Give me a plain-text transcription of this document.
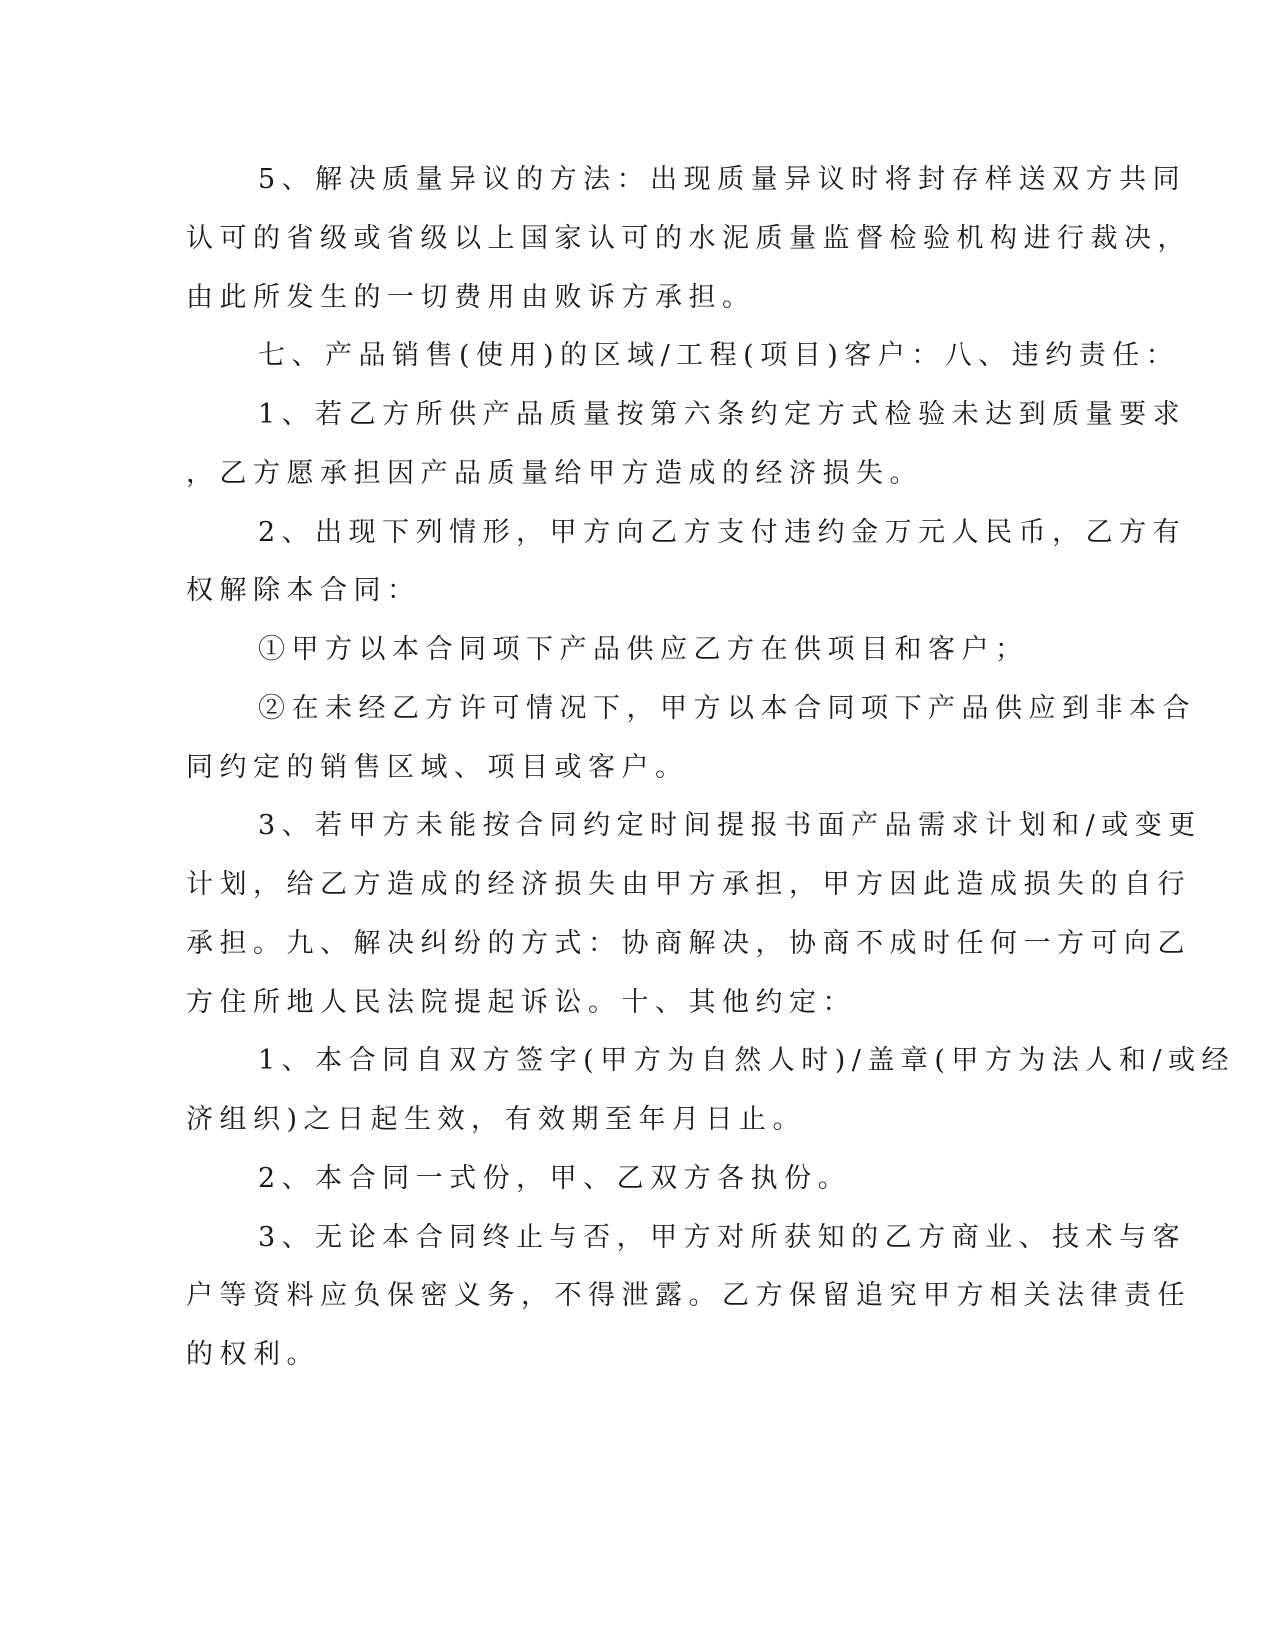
5、解决质量异议的方法：出现质量异议时将封存样送双方共同
认可的省级或省级以上国家认可的水泥质量监督检验机构进行裁决，
由此所发生的一切费用由败诉方承担。
七、产品销售(使用)的区域/工程(项目)客户：八、违约责任：
1、若乙方所供产品质量按第六条约定方式检验未达到质量要求
，乙方愿承担因产品质量给甲方造成的经济损失。
2、出现下列情形，甲方向乙方支付违约金万元人民币，乙方有
权解除本合同：
①甲方以本合同项下产品供应乙方在供项目和客户；
②在未经乙方许可情况下，甲方以本合同项下产品供应到非本合
同约定的销售区域、项目或客户。
3、若甲方未能按合同约定时间提报书面产品需求计划和/或变更
计划，给乙方造成的经济损失由甲方承担，甲方因此造成损失的自行
承担。九、解决纠纷的方式：协商解决，协商不成时任何一方可向乙
方住所地人民法院提起诉讼。十、其他约定：
1、本合同自双方签字(甲方为自然人时)/盖章(甲方为法人和/或经
济组织)之日起生效，有效期至年月日止。
2、本合同一式份，甲、乙双方各执份。
3、无论本合同终止与否，甲方对所获知的乙方商业、技术与客
户等资料应负保密义务，不得泄露。乙方保留追究甲方相关法律责任
的权利。
